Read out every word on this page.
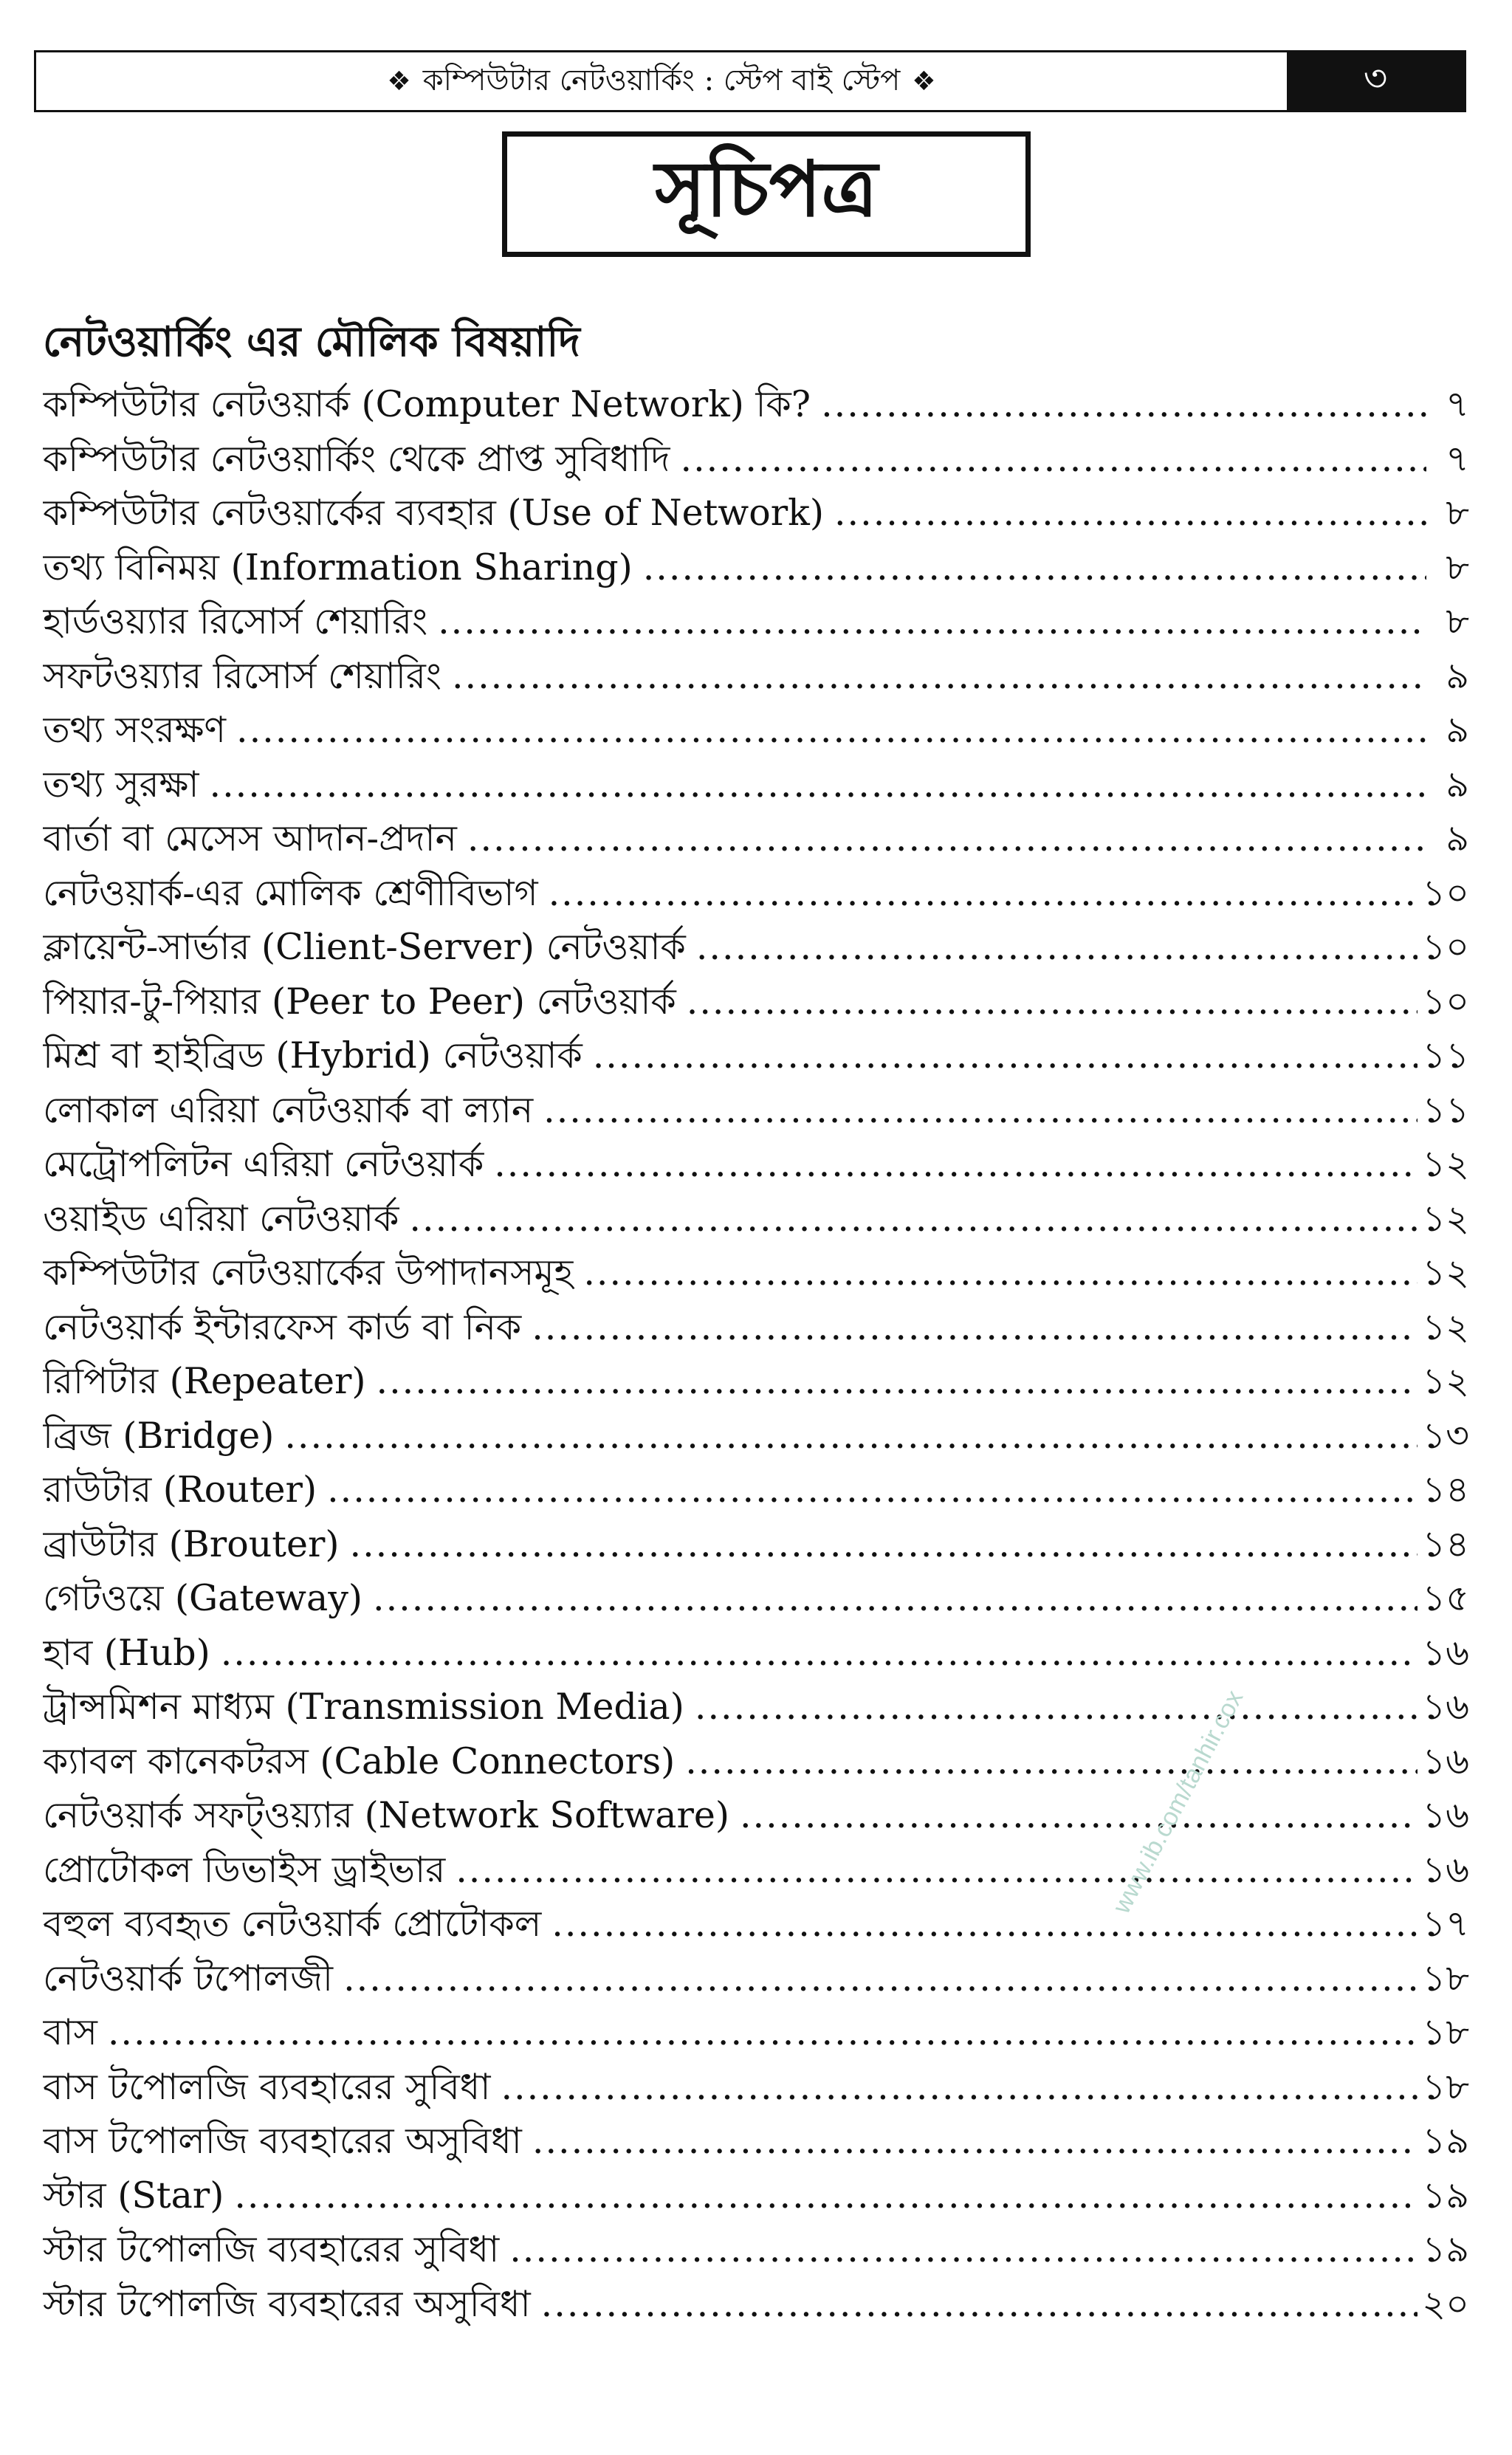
❖ কম্পিউটার নেটওয়ার্কিং : স্টেপ বাই স্টেপ ❖	৩
সূচিপত্র
নেটওয়ার্কিং এর মৌলিক বিষয়াদি
কম্পিউটার নেটওয়ার্ক (Computer Network) কি? .....	৭
কম্পিউটার নেটওয়ার্কিং থেকে প্রাপ্ত সুবিধাদি .....	৭
কম্পিউটার নেটওয়ার্কের ব্যবহার (Use of Network) .....	৮
তথ্য বিনিময় (Information Sharing) .....	৮
হার্ডওয়্যার রিসোর্স শেয়ারিং .....	৮
সফটওয়্যার রিসোর্স শেয়ারিং .....	৯
তথ্য সংরক্ষণ .....	৯
তথ্য সুরক্ষা .....	৯
বার্তা বা মেসেস আদান-প্রদান .....	৯
নেটওয়ার্ক-এর মোলিক শ্রেণীবিভাগ .....	১০
ক্লায়েন্ট-সার্ভার (Client-Server) নেটওয়ার্ক .....	১০
পিয়ার-টু-পিয়ার (Peer to Peer) নেটওয়ার্ক .....	১০
মিশ্র বা হাইব্রিড (Hybrid) নেটওয়ার্ক .....	১১
লোকাল এরিয়া নেটওয়ার্ক বা ল্যান .....	১১
মেট্রোপলিটন এরিয়া নেটওয়ার্ক .....	১২
ওয়াইড এরিয়া নেটওয়ার্ক .....	১২
কম্পিউটার নেটওয়ার্কের উপাদানসমূহ .....	১২
নেটওয়ার্ক ইন্টারফেস কার্ড বা নিক .....	১২
রিপিটার (Repeater) .....	১২
ব্রিজ (Bridge) .....	১৩
রাউটার (Router) .....	১৪
ব্রাউটার (Brouter) .....	১৪
গেটওয়ে (Gateway) .....	১৫
হাব (Hub) .....	১৬
ট্রান্সমিশন মাধ্যম (Transmission Media) .....	১৬
ক্যাবল কানেকটরস (Cable Connectors) .....	১৬
নেটওয়ার্ক সফট্‌ওয়্যার (Network Software) .....	১৬
প্রোটোকল ডিভাইস ড্রাইভার .....	১৬
বহুল ব্যবহৃত নেটওয়ার্ক প্রোটোকল .....	১৭
নেটওয়ার্ক টপোলজী .....	১৮
বাস .....	১৮
বাস টপোলজি ব্যবহারের সুবিধা .....	১৮
বাস টপোলজি ব্যবহারের অসুবিধা .....	১৯
স্টার (Star) .....	১৯
স্টার টপোলজি ব্যবহারের সুবিধা .....	১৯
স্টার টপোলজি ব্যবহারের অসুবিধা .....	২০
www.ib.com/tanhir.cox
